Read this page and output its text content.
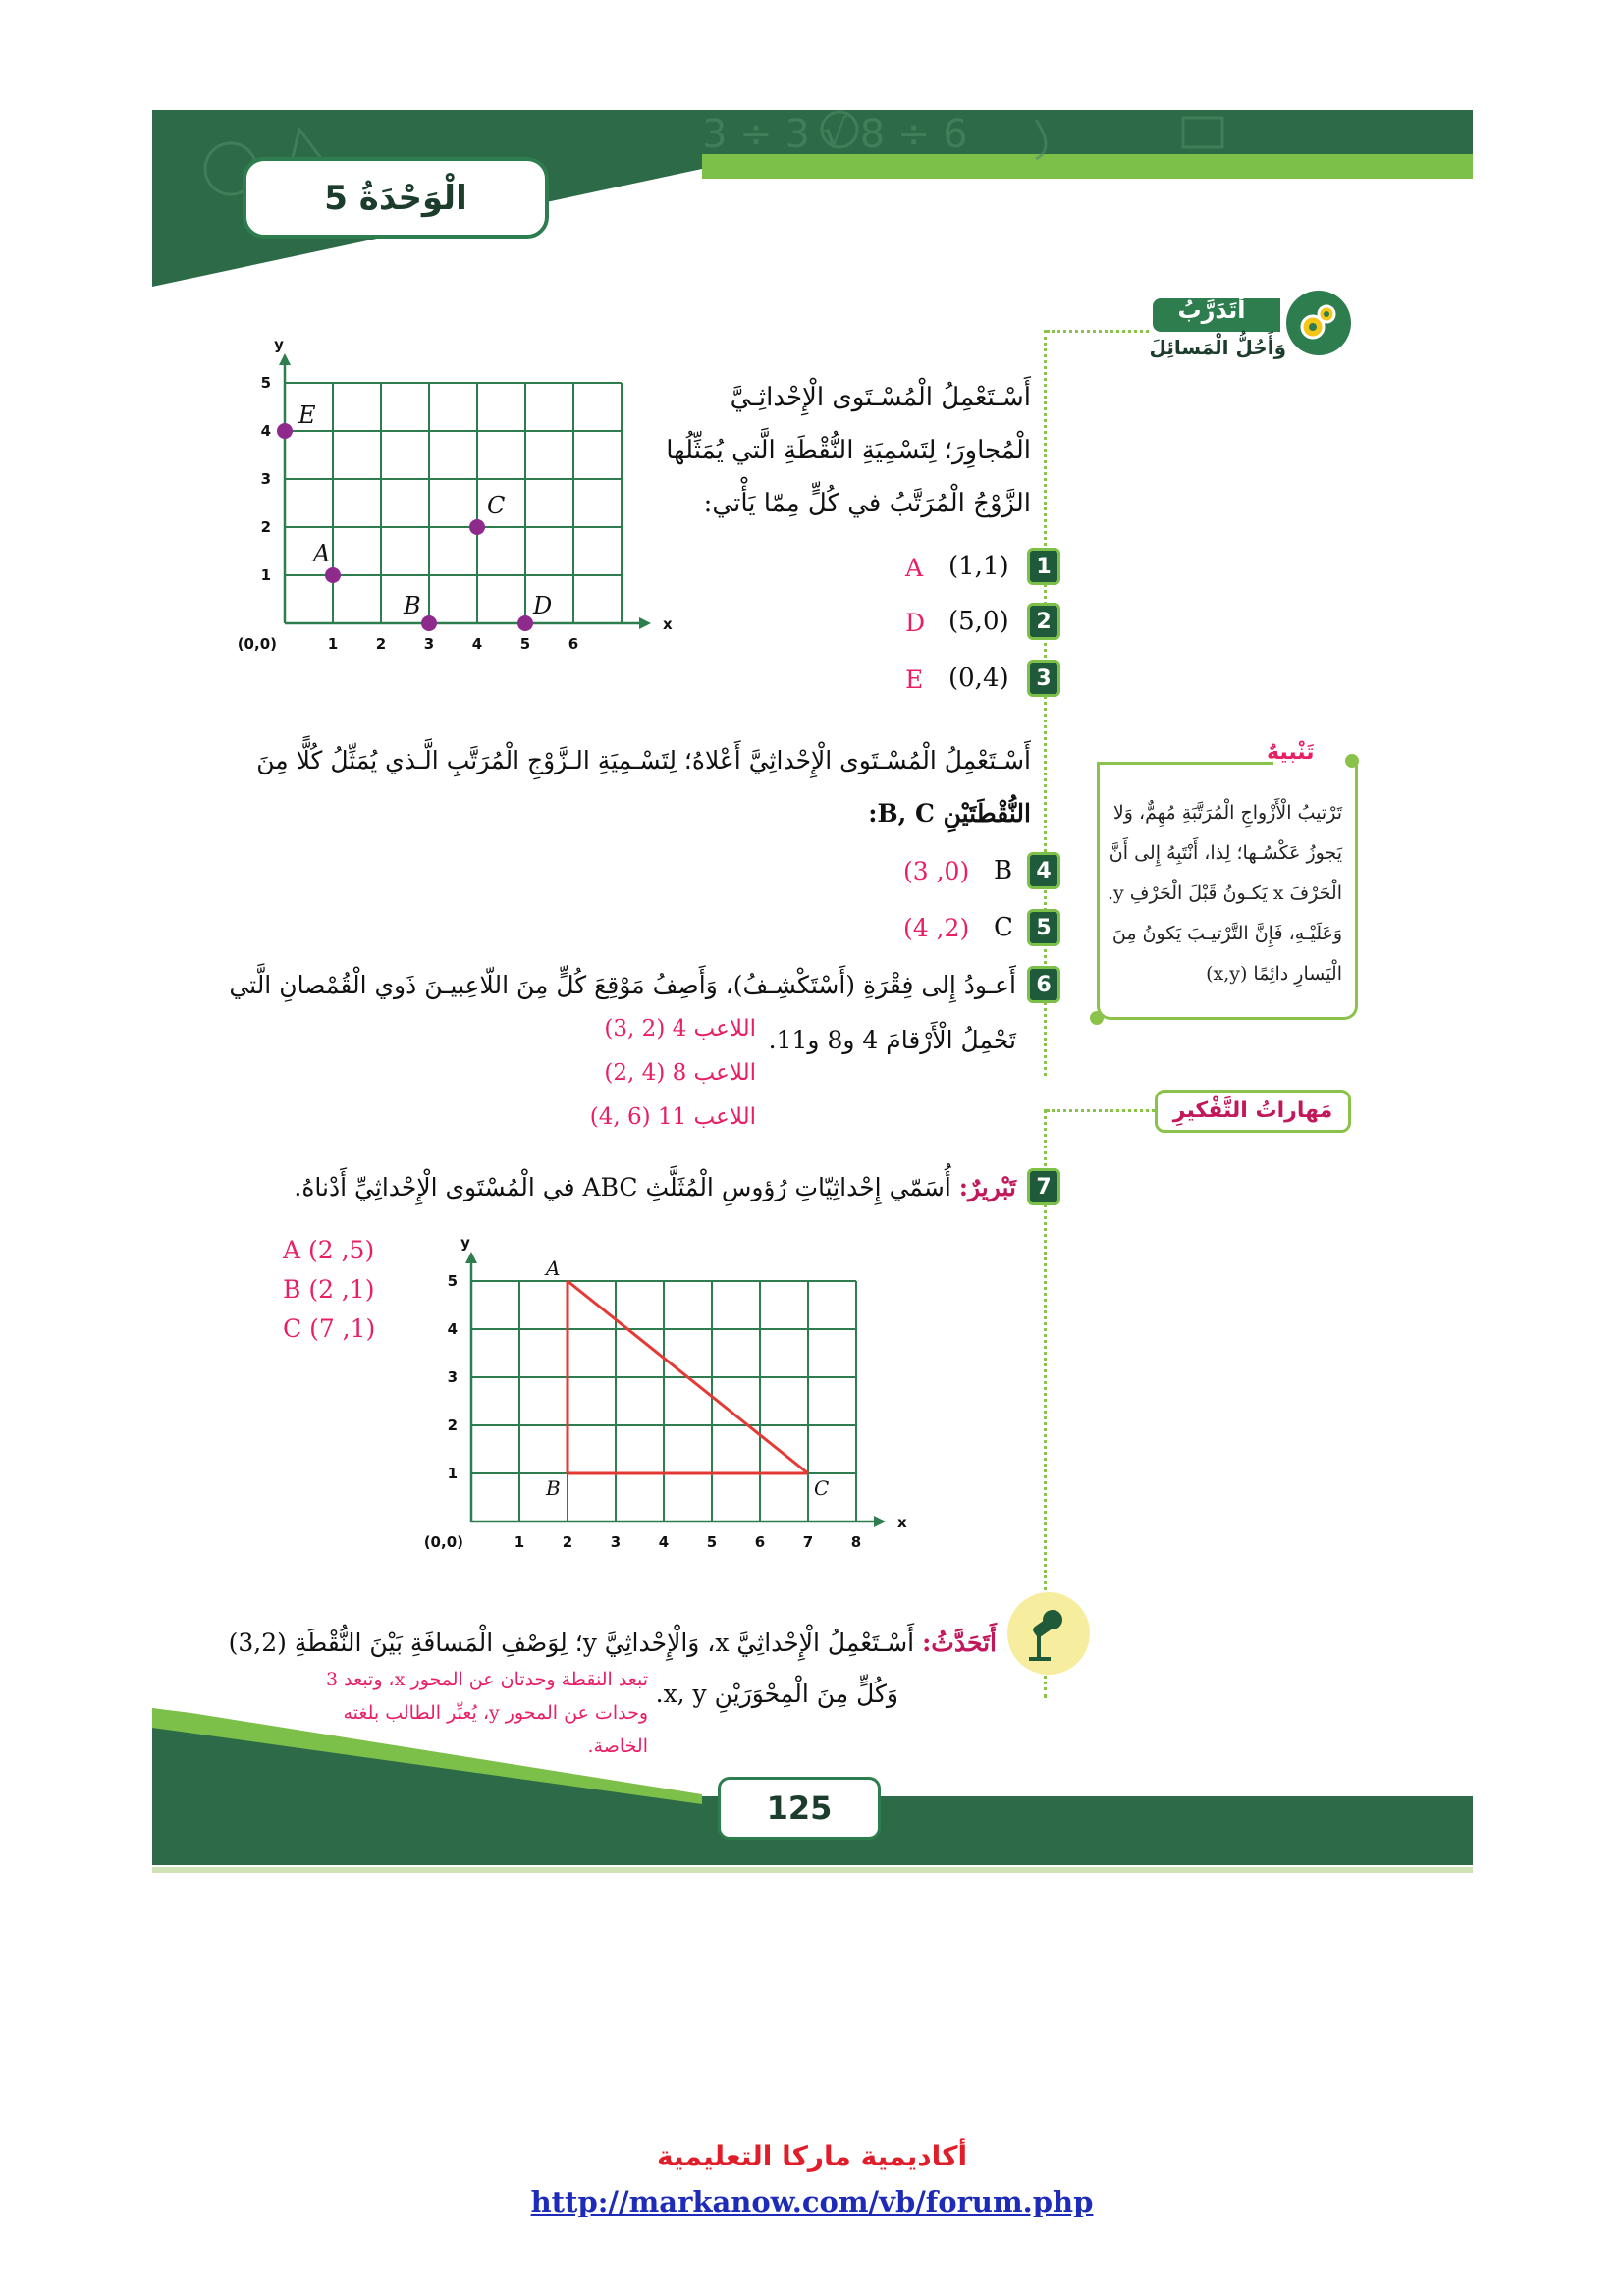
3 ÷ 3 √ 8 ÷ 6
الْوَحْدَةُ 5
أَتَدَرَّبُ
وَأَحُلُّ الْمَسائِلَ
1	2	3	4	5	6
1
2
3
4
5
(0,0)
x
y
E
A
C
B	D
أَسْـتَعْمِلُ الْمُسْـتَوى الْإِحْداثِـيَّ
الْمُجاوِرَ؛ لِتَسْمِيَةِ النُّقْطَةِ الَّتي يُمَثِّلُها
الزَّوْجُ الْمُرَتَّبُ في كُلٍّ مِمّا يَأْتي:
1
(1,1)
A
2
(5,0)
D
3
(0,4)
E
أَسْـتَعْمِلُ الْمُسْـتَوى الْإِحْداثِيَّ أَعْلاهُ؛ لِتَسْـمِيَةِ الـزَّوْجِ الْمُرَتَّبِ الَّـذي يُمَثِّلُ كُلًّا مِنَ
النُّقْطَتَيْنِ B, C:
4
B
(3 ,0)
5
C
(4 ,2)
6
أَعـودُ إِلى فِقْرَةِ (أَسْتَكْشِـفُ)، وَأَصِفُ مَوْقِعَ كُلٍّ مِنَ اللّاعِبيـنَ ذَوي الْقُمْصانِ الَّتي
تَحْمِلُ الْأَرْقامَ 4 و8 و11.
اللاعب 4 (2 ,3)
اللاعب 8 (4 ,2)
اللاعب 11 (6 ,4)
تَنْبيهٌ
تَرْتيبُ الْأَزْواجِ الْمُرَتَّبَةِ مُهِمٌّ، وَلا
يَجوزُ عَكْسُـها؛ لِذا، أَنْتَبِهُ إِلى أَنَّ
الْحَرْفَ x يَكـونُ قَبْلَ الْحَرْفِ y.
وَعَلَيْـهِ، فَإِنَّ التَّرْتيـبَ يَكونُ مِنَ
الْيَسارِ دائِمًا (x,y)
مَهاراتُ التَّفْكيرِ
7
تَبْريرٌ: أُسَمّي إِحْداثِيّاتِ رُؤوسِ الْمُثَلَّثِ ABC في الْمُسْتَوى الْإِحْداثِيِّ أَدْناهُ.
A (2 ,5)
B (2 ,1)
C (7 ,1)
1	2	3	4	5	6	7	8
1
2
3
4
5
(0,0)
x
y
A
B	C
أَتَحَدَّثُ: أَسْـتَعْمِلُ الْإِحْداثِيَّ x، وَالْإِحْداثِيَّ y؛ لِوَصْفِ الْمَسافَةِ بَيْنَ النُّقْطَةِ (3,2)
وَكُلٍّ مِنَ الْمِحْوَرَيْنِ x, y.
تبعد النقطة وحدتان عن المحور x، وتبعد 3
وحدات عن المحور y، يُعبِّر الطالب بلغته
الخاصة.
125
أكاديمية ماركا التعليمية
http://markanow.com/vb/forum.php
